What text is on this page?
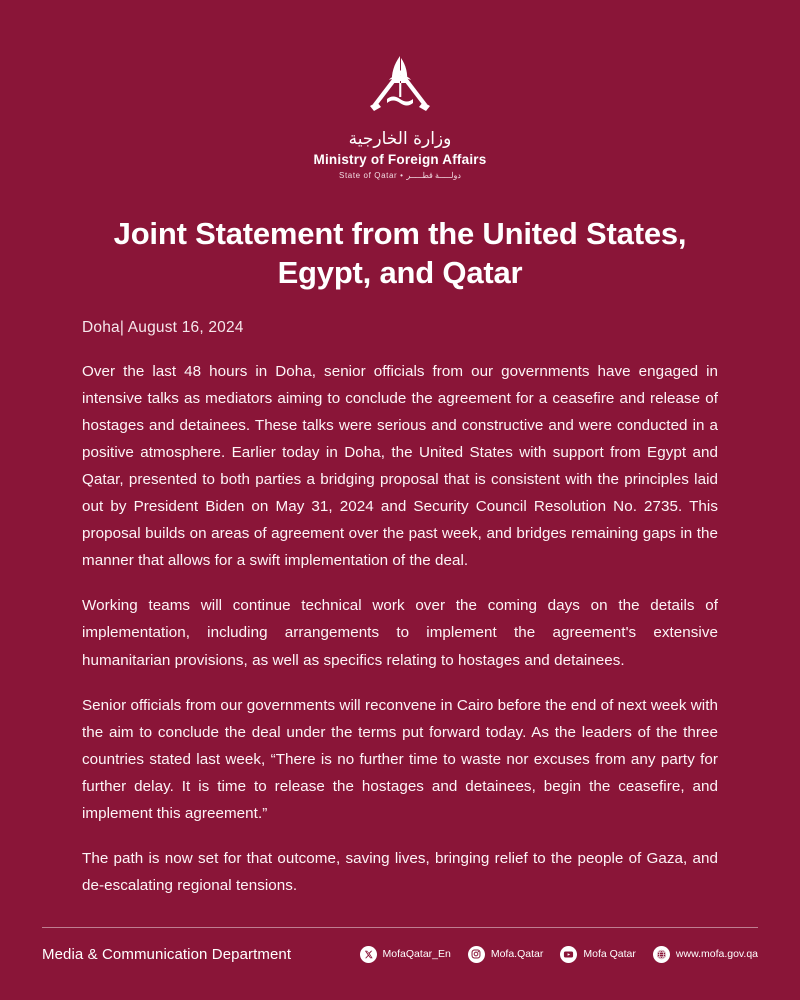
وزارة الخارجية
Ministry of Foreign Affairs
State of Qatar • دولـــــة قطـــــر
Joint Statement from the United States, Egypt, and Qatar
Doha| August 16, 2024

Over the last 48 hours in Doha, senior officials from our governments have engaged in intensive talks as mediators aiming to conclude the agreement for a ceasefire and release of hostages and detainees. These talks were serious and constructive and were conducted in a positive atmosphere. Earlier today in Doha, the United States with support from Egypt and Qatar, presented to both parties a bridging proposal that is consistent with the principles laid out by President Biden on May 31, 2024 and Security Council Resolution No. 2735. This proposal builds on areas of agreement over the past week, and bridges remaining gaps in the manner that allows for a swift implementation of the deal.

Working teams will continue technical work over the coming days on the details of implementation, including arrangements to implement the agreement's extensive humanitarian provisions, as well as specifics relating to hostages and detainees.

Senior officials from our governments will reconvene in Cairo before the end of next week with the aim to conclude the deal under the terms put forward today. As the leaders of the three countries stated last week, “There is no further time to waste nor excuses from any party for further delay. It is time to release the hostages and detainees, begin the ceasefire, and implement this agreement.”

The path is now set for that outcome, saving lives, bringing relief to the people of Gaza, and de-escalating regional tensions.

Media & Communication Department	MofaQatar_En	Mofa.Qatar	Mofa Qatar	www.mofa.gov.qa
